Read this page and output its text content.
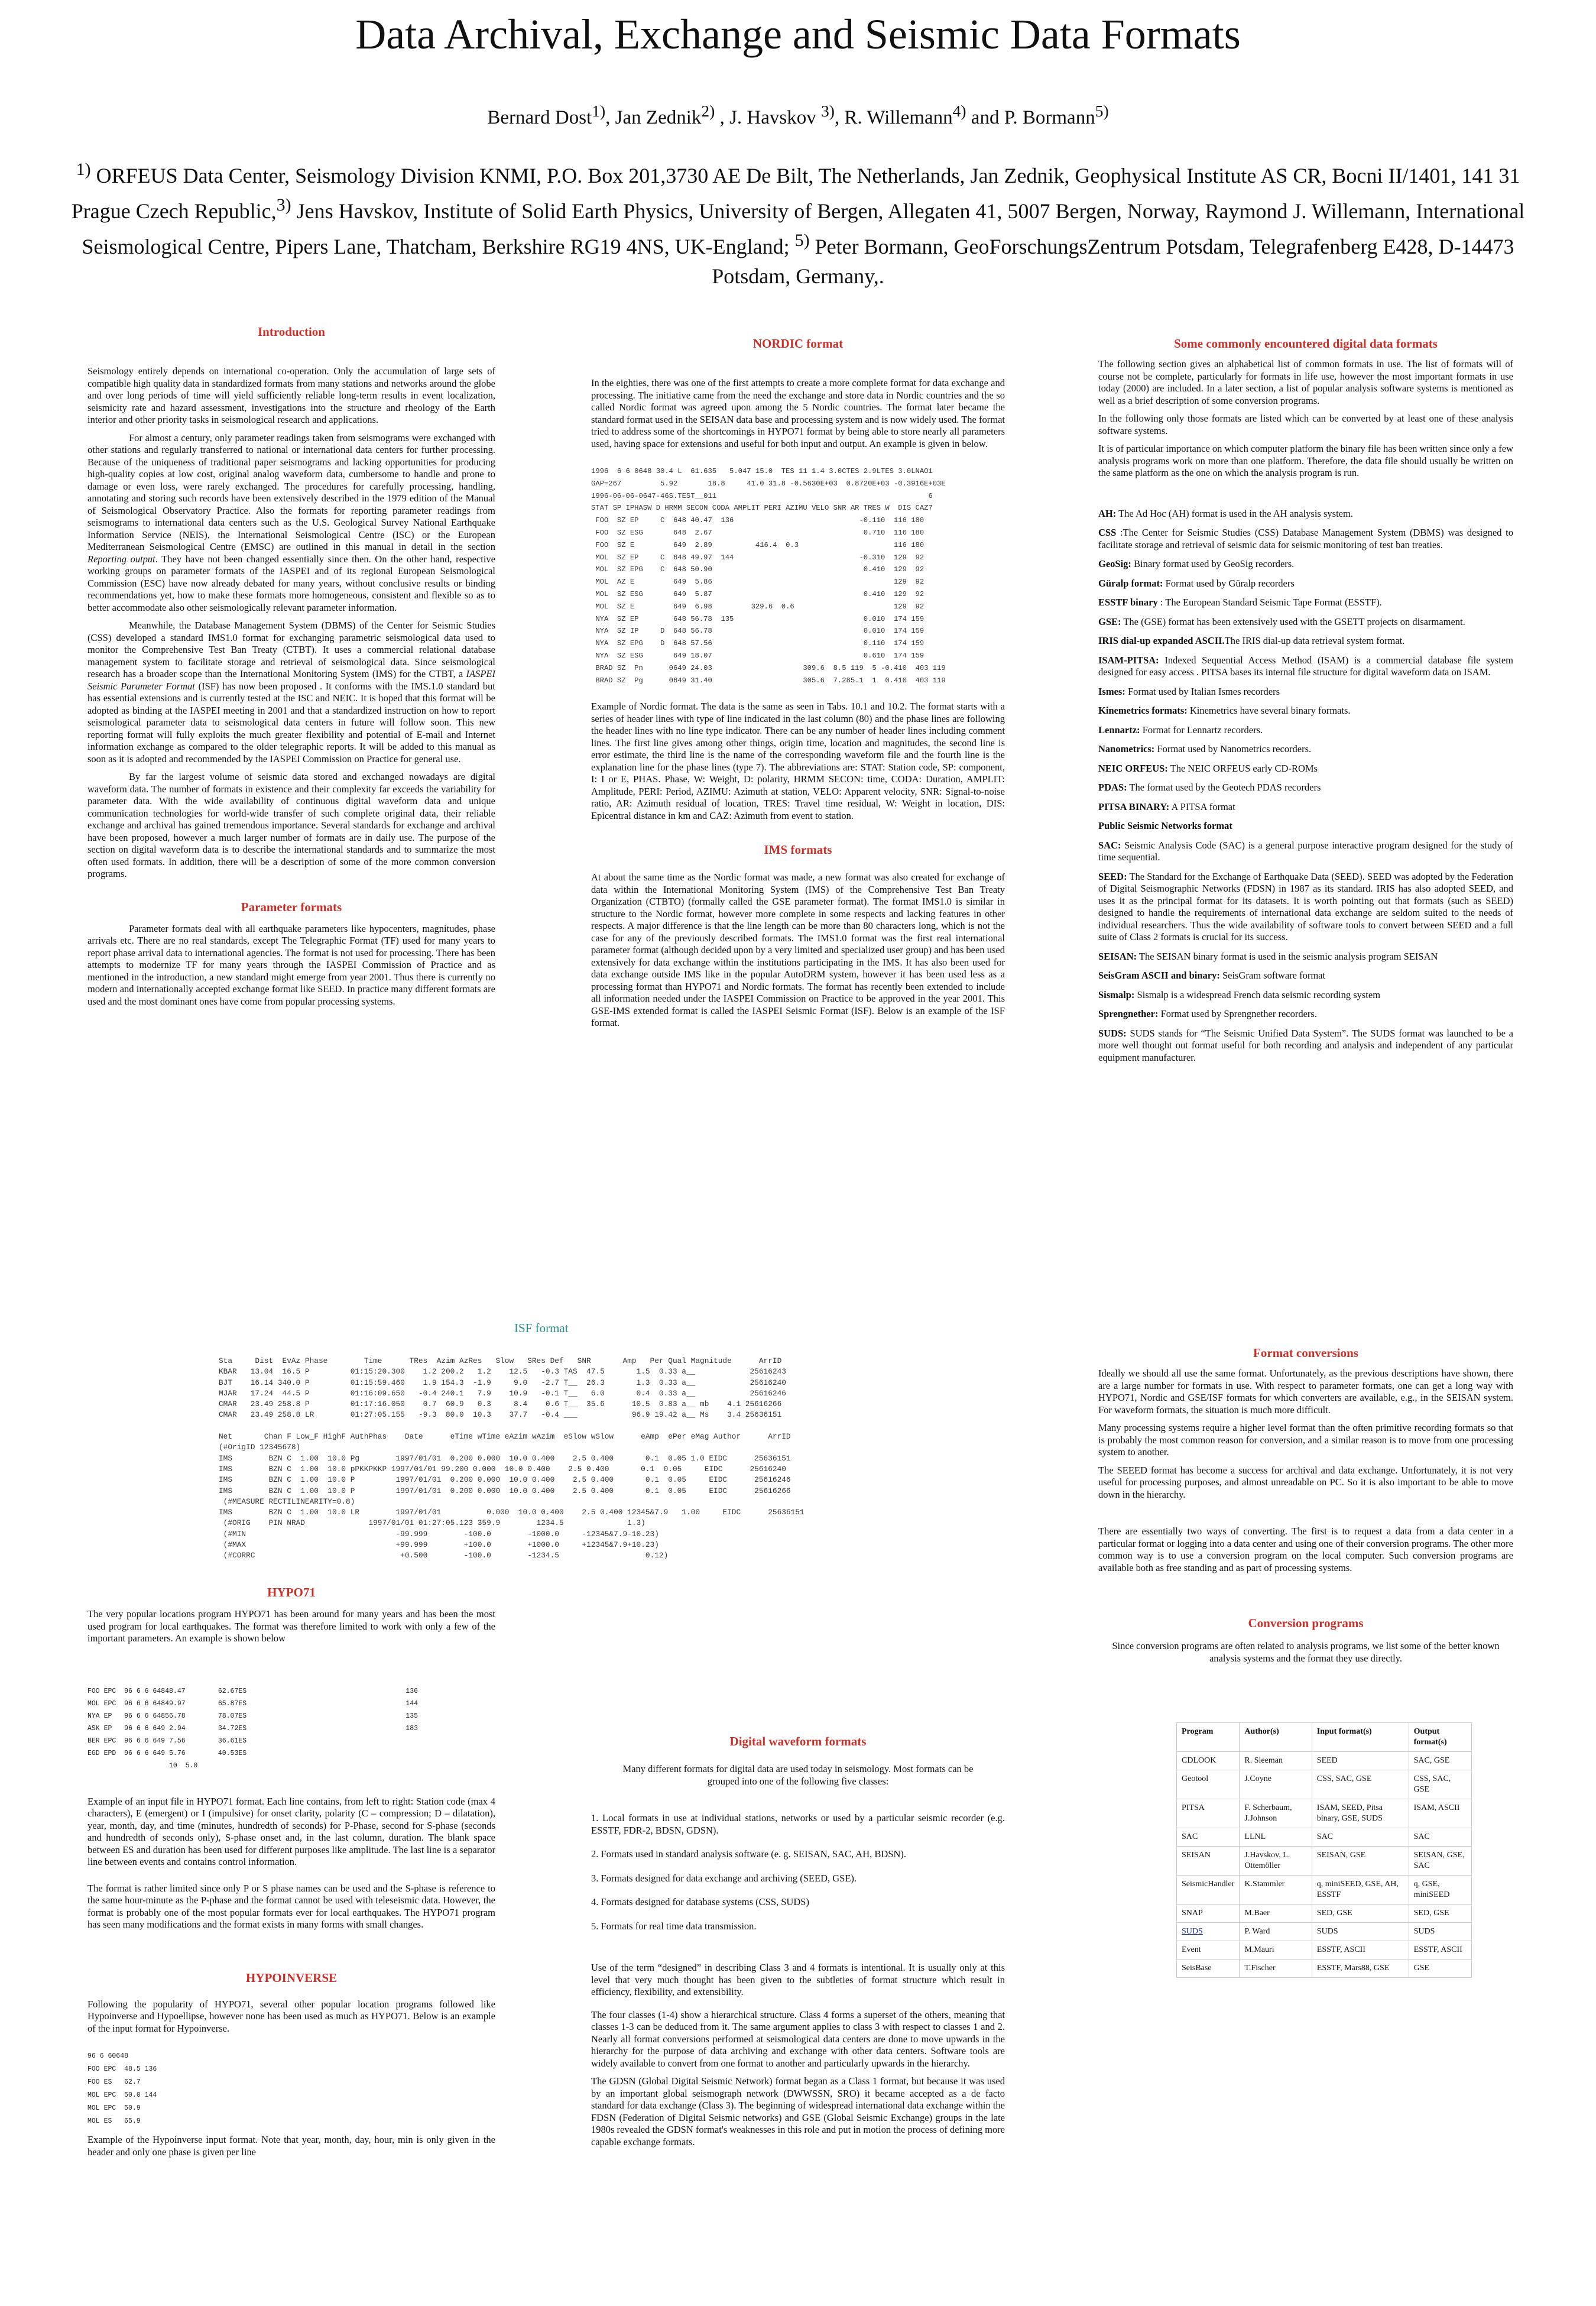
Data Archival, Exchange and Seismic Data Formats
Bernard Dost$^{1)}$, Jan Zednik$^{2)}$ , J. Havskov $^{3)}$, R. Willemann$^{4)}$ and P. Bormann$^{5)}$
$^{1)}$ ORFEUS Data Center, Seismology Division KNMI, P.O. Box 201,3730 AE De Bilt, The Netherlands, Jan Zednik, Geophysical Institute AS CR, Bocni II/1401, 141 31 Prague Czech Republic,$^{3)}$ Jens Havskov, Institute of Solid Earth Physics, University of Bergen, Allegaten 41, 5007 Bergen, Norway, Raymond J. Willemann, International Seismological Centre, Pipers Lane, Thatcham, Berkshire RG19 4NS, UK-England; $^{5)}$ Peter Bormann, GeoForschungsZentrum Potsdam, Telegrafenberg E428, D-14473 Potsdam, Germany,.
Introduction

Seismology entirely depends on international co-operation. Only the accumulation of large sets of compatible high quality data in standardized formats from many stations and networks around the globe and over long periods of time will yield sufficiently reliable long-term results in event localization, seismicity rate and hazard assessment, investigations into the structure and rheology of the Earth interior and other priority tasks in seismological research and applications.

For almost a century, only parameter readings taken from seismograms were exchanged with other stations and regularly transferred to national or international data centers for further processing. Because of the uniqueness of traditional paper seismograms and lacking opportunities for producing high-quality copies at low cost, original analog waveform data, cumbersome to handle and prone to damage or even loss, were rarely exchanged. The procedures for carefully processing, handling, annotating and storing such records have been extensively described in the 1979 edition of the Manual of Seismological Observatory Practice. Also the formats for reporting parameter readings from seismograms to international data centers such as the U.S. Geological Survey National Earthquake Information Service (NEIS), the International Seismological Centre (ISC) or the European Mediterranean Seismological Centre (EMSC) are outlined in this manual in detail in the section Reporting output. They have not been changed essentially since then. On the other hand, respective working groups on parameter formats of the IASPEI and of its regional European Seismological Commission (ESC) have now already debated for many years, without conclusive results or binding recommendations yet, how to make these formats more homogeneous, consistent and flexible so as to better accommodate also other seismologically relevant parameter information.

Meanwhile, the Database Management System (DBMS) of the Center for Seismic Studies (CSS) developed a standard IMS1.0 format for exchanging parametric seismological data used to monitor the Comprehensive Test Ban Treaty (CTBT). It uses a commercial relational database management system to facilitate storage and retrieval of seismological data. Since seismological research has a broader scope than the International Monitoring System (IMS) for the CTBT, a IASPEI Seismic Parameter Format (ISF) has now been proposed . It conforms with the IMS.1.0 standard but has essential extensions and is currently tested at the ISC and NEIC. It is hoped that this format will be adopted as binding at the IASPEI meeting in 2001 and that a standardized instruction on how to report seismological parameter data to seismological data centers in future will follow soon. This new reporting format will fully exploits the much greater flexibility and potential of E-mail and Internet information exchange as compared to the older telegraphic reports. It will be added to this manual as soon as it is adopted and recommended by the IASPEI Commission on Practice for general use.

By far the largest volume of seismic data stored and exchanged nowadays are digital waveform data. The number of formats in existence and their complexity far exceeds the variability for parameter data. With the wide availability of continuous digital waveform data and unique communication technologies for world-wide transfer of such complete original data, their reliable exchange and archival has gained tremendous importance. Several standards for exchange and archival have been proposed, however a much larger number of formats are in daily use. The purpose of the section on digital waveform data is to describe the international standards and to summarize the most often used formats. In addition, there will be a description of some of the more common conversion programs.

Parameter formats

Parameter formats deal with all earthquake parameters like hypocenters, magnitudes, phase arrivals etc. There are no real standards, except The Telegraphic Format (TF) used for many years to report phase arrival data to international agencies. The format is not used for processing. There has been attempts to modernize TF for many years through the IASPEI Commission of Practice and as mentioned in the introduction, a new standard might emerge from year 2001. Thus there is currently no modern and internationally accepted exchange format like SEED. In practice many different formats are used and the most dominant ones have come from popular processing systems.

NORDIC format

In the eighties, there was one of the first attempts to create a more complete format for data exchange and processing. The initiative came from the need the exchange and store data in Nordic countries and the so called Nordic format was agreed upon among the 5 Nordic countries. The format later became the standard format used in the SEISAN data base and processing system and is now widely used. The format tried to address some of the shortcomings in HYPO71 format by being able to store nearly all parameters used, having space for extensions and useful for both input and output. An example is given in below.

1996  6 6 0648 30.4 L  61.635   5.047 15.0  TES 11 1.4 3.0CTES 2.9LTES 3.0LNAO1
GAP=267         5.92       18.8     41.0 31.8 -0.5630E+03  0.8720E+03 -0.3916E+03E
1996-06-06-0647-46S.TEST__011                                                 6
STAT SP IPHASW D HRMM SECON CODA AMPLIT PERI AZIMU VELO SNR AR TRES W  DIS CAZ7
FOO  SZ EP     C  648 40.47  136                             -0.110  116 180
FOO  SZ ESG       648  2.67                                   0.710  116 180
FOO  SZ E         649  2.89          416.4  0.3                      116 180
MOL  SZ EP     C  648 49.97  144                             -0.310  129  92
MOL  SZ EPG    C  648 50.90                                   0.410  129  92
MOL  AZ E         649  5.86                                          129  92
MOL  SZ ESG       649  5.87                                   0.410  129  92
MOL  SZ E         649  6.98         329.6  0.6                       129  92
NYA  SZ EP        648 56.78  135                              0.010  174 159
NYA  SZ IP     D  648 56.78                                   0.010  174 159
NYA  SZ EPG    D  648 57.56                                   0.110  174 159
NYA  SZ ESG       649 18.07                                   0.610  174 159
BRAD SZ  Pn      0649 24.03                     309.6  8.5 119  5 -0.410  403 119
BRAD SZ  Pg      0649 31.40                     305.6  7.285.1  1  0.410  403 119

Example of Nordic format. The data is the same as seen in Tabs. 10.1 and 10.2. The format starts with a series of header lines with type of line indicated in the last column (80) and the phase lines are following the header lines with no line type indicator. There can be any number of header lines including comment lines. The first line gives among other things, origin time, location and magnitudes, the second line is error estimate, the third line is the name of the corresponding waveform file and the fourth line is the explanation line for the phase lines (type 7). The abbreviations are: STAT: Station code, SP: component, I: I or E, PHAS. Phase, W: Weight, D: polarity, HRMM SECON: time, CODA: Duration, AMPLIT: Amplitude, PERI: Period, AZIMU: Azimuth at station, VELO: Apparent velocity, SNR: Signal-to-noise ratio, AR: Azimuth residual of location, TRES: Travel time residual, W: Weight in location, DIS: Epicentral distance in km and CAZ: Azimuth from event to station.

IMS formats

At about the same time as the Nordic format was made, a new format was also created for exchange of data within the International Monitoring System (IMS) of the Comprehensive Test Ban Treaty Organization (CTBTO) (formally called the GSE parameter format). The format IMS1.0 is similar in structure to the Nordic format, however more complete in some respects and lacking features in other respects. A major difference is that the line length can be more than 80 characters long, which is not the case for any of the previously described formats. The IMS1.0 format was the first real international parameter format (although decided upon by a very limited and specialized user group) and has been used extensively for data exchange within the institutions participating in the IMS. It has also been used for data exchange outside IMS like in the popular AutoDRM system, however it has been used less as a processing format than HYPO71 and Nordic formats. The format has recently been extended to include all information needed under the IASPEI Commission on Practice to be approved in the year 2001. This GSE-IMS extended format is called the IASPEI Seismic Format (ISF). Below is an example of the ISF format.

Some commonly encountered digital data formats

The following section gives an alphabetical list of common formats in use. The list of formats will of course not be complete, particularly for formats in life use, however the most important formats in use today (2000) are included. In a later section, a list of popular analysis software systems is mentioned as well as a brief description of some conversion programs.

In the following only those formats are listed which can be converted by at least one of these analysis software systems.

It is of particular importance on which computer platform the binary file has been written since only a few analysis programs work on more than one platform. Therefore, the data file should usually be written on the same platform as the one on which the analysis program is run.

AH: The Ad Hoc (AH) format is used in the AH analysis system.
CSS :The Center for Seismic Studies (CSS) Database Management System (DBMS) was designed to facilitate storage and retrieval of seismic data for seismic monitoring of test ban treaties.
GeoSig: Binary format used by GeoSig recorders.
Güralp format: Format used by Güralp recorders
ESSTF binary : The European Standard Seismic Tape Format (ESSTF).
GSE: The (GSE) format has been extensively used with the GSETT projects on disarmament.
IRIS dial-up expanded ASCII.The IRIS dial-up data retrieval system format.
ISAM-PITSA: Indexed Sequential Access Method (ISAM) is a commercial database file system designed for easy access . PITSA bases its internal file structure for digital waveform data on ISAM.
Ismes: Format used by Italian Ismes recorders
Kinemetrics formats: Kinemetrics have several binary formats.
Lennartz: Format for Lennartz recorders.
Nanometrics: Format used by Nanometrics recorders.
NEIC ORFEUS: The NEIC ORFEUS early CD-ROMs
PDAS: The format used by the Geotech PDAS recorders
PITSA BINARY: A PITSA format
Public Seismic Networks format
SAC: Seismic Analysis Code (SAC) is a general purpose interactive program designed for the study of time sequential.
SEED: The Standard for the Exchange of Earthquake Data (SEED). SEED was adopted by the Federation of Digital Seismographic Networks (FDSN) in 1987 as its standard. IRIS has also adopted SEED, and uses it as the principal format for its datasets. It is worth pointing out that formats (such as SEED) designed to handle the requirements of international data exchange are seldom suited to the needs of individual researchers. Thus the wide availability of software tools to convert between SEED and a full suite of Class 2 formats is crucial for its success.
SEISAN: The SEISAN binary format is used in the seismic analysis program SEISAN
SeisGram ASCII and binary: SeisGram software format
Sismalp: Sismalp is a widespread French data seismic recording system
Sprengnether: Format used by Sprengnether recorders.
SUDS: SUDS stands for “The Seismic Unified Data System”. The SUDS format was launched to be a more well thought out format useful for both recording and analysis and independent of any particular equipment manufacturer.
ISF format
Sta     Dist  EvAz Phase        Time      TRes  Azim AzRes   Slow   SRes Def   SNR       Amp   Per Qual Magnitude      ArrID
KBAR   13.04  16.5 P         01:15:20.300    1.2 200.2   1.2    12.5   -0.3 TAS  47.5       1.5  0.33 a__            25616243
BJT    16.14 340.0 P         01:15:59.460    1.9 154.3  -1.9     9.0   -2.7 T__  26.3       1.3  0.33 a__            25616240
MJAR   17.24  44.5 P         01:16:09.650   -0.4 240.1   7.9    10.9   -0.1 T__   6.0       0.4  0.33 a__            25616246
CMAR   23.49 258.8 P         01:17:16.050    0.7  60.9   0.3     8.4    0.6 T__  35.6      10.5  0.83 a__ mb    4.1 25616266
CMAR   23.49 258.8 LR        01:27:05.155   -9.3  80.0  10.3    37.7   -0.4 ___            96.9 19.42 a__ Ms    3.4 25636151

Net       Chan F Low_F HighF AuthPhas    Date      eTime wTime eAzim wAzim  eSlow wSlow      eAmp  ePer eMag Author      ArrID
(#OrigID 12345678)
IMS        BZN C  1.00  10.0 Pg        1997/01/01  0.200 0.000  10.0 0.400    2.5 0.400       0.1  0.05 1.0 EIDC      25636151
IMS        BZN C  1.00  10.0 pPKKPKKP 1997/01/01 99.200 0.000  10.0 0.400    2.5 0.400       0.1  0.05     EIDC      25616240
IMS        BZN C  1.00  10.0 P         1997/01/01  0.200 0.000  10.0 0.400    2.5 0.400       0.1  0.05     EIDC      25616246
IMS        BZN C  1.00  10.0 P         1997/01/01  0.200 0.000  10.0 0.400    2.5 0.400       0.1  0.05     EIDC      25616266
(#MEASURE RECTILINEARITY=0.8)
IMS        BZN C  1.00  10.0 LR        1997/01/01          0.000  10.0 0.400    2.5 0.400 12345&7.9   1.00     EIDC      25636151
(#ORIG    PIN NRAD              1997/01/01 01:27:05.123 359.9        1234.5              1.3)
(#MIN                                 -99.999        -100.0        -1000.0     -12345&7.9-10.23)
(#MAX                                 +99.999        +100.0        +1000.0     +12345&7.9+10.23)
(#CORRC                                +0.500        -100.0        -1234.5                   0.12)
HYPO71

The very popular locations program HYPO71 has been around for many years and has been the most used program for local earthquakes. The format was therefore limited to work with only a few of the important parameters. An example is shown below

FOO EPC  96 6 6 64848.47        62.67ES                                       136
MOL EPC  96 6 6 64849.97        65.87ES                                       144
NYA EP   96 6 6 64856.78        78.07ES                                       135
ASK EP   96 6 6 649 2.94        34.72ES                                       183
BER EPC  96 6 6 649 7.56        36.61ES
EGD EPD  96 6 6 649 5.76        40.53ES
10  5.0

Example of an input file in HYPO71 format. Each line contains, from left to right: Station code (max 4 characters), E (emergent) or I (impulsive) for onset clarity, polarity (C – compression; D – dilatation), year, month, day, and time (minutes, hundredth of seconds) for P-Phase, second for S-phase (seconds and hundredth of seconds only), S-phase onset and, in the last column, duration. The blank space between ES and duration has been used for different purposes like amplitude. The last line is a separator line between events and contains control information.

The format is rather limited since only P or S phase names can be used and the S-phase is reference to the same hour-minute as the P-phase and the format cannot be used with teleseismic data. However, the format is probably one of the most popular formats ever for local earthquakes. The HYPO71 program has seen many modifications and the format exists in many forms with small changes.

HYPOINVERSE

Following the popularity of HYPO71, several other popular location programs followed like Hypoinverse and Hypoellipse, however none has been used as much as HYPO71. Below is an example of the input format for Hypoinverse.

96 6 60648
FOO EPC  48.5 136
FOO ES   62.7
MOL EPC  50.0 144
MOL EPC  50.9
MOL ES   65.9

Example of the Hypoinverse input format. Note that year, month, day, hour, min is only given in the header and only one phase is given per line

Digital waveform formats

Many different formats for digital data are used today in seismology. Most formats can be grouped into one of the following five classes:

1. Local formats in use at individual stations, networks or used by a particular seismic recorder (e.g. ESSTF, FDR-2, BDSN, GDSN).
2. Formats used in standard analysis software (e. g. SEISAN, SAC, AH, BDSN).
3. Formats designed for data exchange and archiving (SEED, GSE).
4. Formats designed for database systems (CSS, SUDS)
5. Formats for real time data transmission.

Use of the term “designed” in describing Class 3 and 4 formats is intentional. It is usually only at this level that very much thought has been given to the subtleties of format structure which result in efficiency, flexibility, and extensibility.

The four classes (1-4) show a hierarchical structure. Class 4 forms a superset of the others, meaning that classes 1-3 can be deduced from it. The same argument applies to class 3 with respect to classes 1 and 2. Nearly all format conversions performed at seismological data centers are done to move upwards in the hierarchy for the purpose of data archiving and exchange with other data centers. Software tools are widely available to convert from one format to another and particularly upwards in the hierarchy.

The GDSN (Global Digital Seismic Network) format began as a Class 1 format, but because it was used by an important global seismograph network (DWWSSN, SRO) it became accepted as a de facto standard for data exchange (Class 3). The beginning of widespread international data exchange within the FDSN (Federation of Digital Seismic networks) and GSE (Global Seismic Exchange) groups in the late 1980s revealed the GDSN format's weaknesses in this role and put in motion the process of defining more capable exchange formats.

Format conversions

Ideally we should all use the same format. Unfortunately, as the previous descriptions have shown, there are a large number for formats in use. With respect to parameter formats, one can get a long way with HYPO71, Nordic and GSE/ISF formats for which converters are available, e.g., in the SEISAN system. For waveform formats, the situation is much more difficult.

Many processing systems require a higher level format than the often primitive recording formats so that is probably the most common reason for conversion, and a similar reason is to move from one processing system to another.

The SEEED format has become a success for archival and data exchange. Unfortunately, it is not very useful for processing purposes, and almost unreadable on PC. So it is also important to be able to move down in the hierarchy.

There are essentially two ways of converting. The first is to request a data from a data center in a particular format or logging into a data center and using one of their conversion programs. The other more common way is to use a conversion program on the local computer. Such conversion programs are available both as free standing and as part of processing systems.

Conversion programs

Since conversion programs are often related to analysis programs, we list some of the better known analysis systems and the format they use directly.

Program	Author(s)	Input format(s)	Output format(s)
CDLOOK	R. Sleeman	SEED	SAC, GSE
Geotool	J.Coyne	CSS, SAC, GSE	CSS, SAC, GSE
PITSA	F. Scherbaum, J.Johnson	ISAM, SEED, Pitsa binary, GSE, SUDS	ISAM, ASCII
SAC	LLNL	SAC	SAC
SEISAN	J.Havskov, L. Ottemöller	SEISAN, GSE	SEISAN, GSE, SAC
SeismicHandler	K.Stammler	q, miniSEED, GSE, AH, ESSTF	q, GSE, miniSEED
SNAP	M.Baer	SED, GSE	SED, GSE
SUDS	P. Ward	SUDS	SUDS
Event	M.Mauri	ESSTF, ASCII	ESSTF, ASCII
SeisBase	T.Fischer	ESSTF, Mars88, GSE	GSE
